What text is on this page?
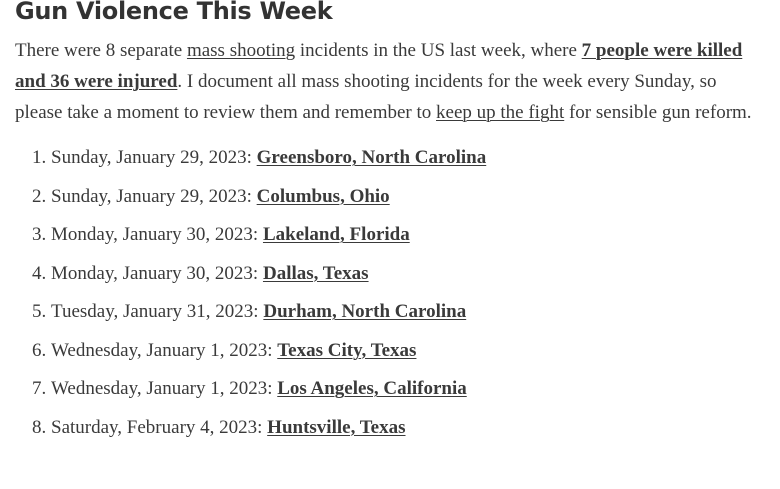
Gun Violence This Week

There were 8 separate mass shooting incidents in the US last week, where 7 people were killed and 36 were injured. I document all mass shooting incidents for the week every Sunday, so please take a moment to review them and remember to keep up the fight for sensible gun reform.

1. Sunday, January 29, 2023: Greensboro, North Carolina
2. Sunday, January 29, 2023: Columbus, Ohio
3. Monday, January 30, 2023: Lakeland, Florida
4. Monday, January 30, 2023: Dallas, Texas
5. Tuesday, January 31, 2023: Durham, North Carolina
6. Wednesday, January 1, 2023: Texas City, Texas
7. Wednesday, January 1, 2023: Los Angeles, California
8. Saturday, February 4, 2023: Huntsville, Texas
